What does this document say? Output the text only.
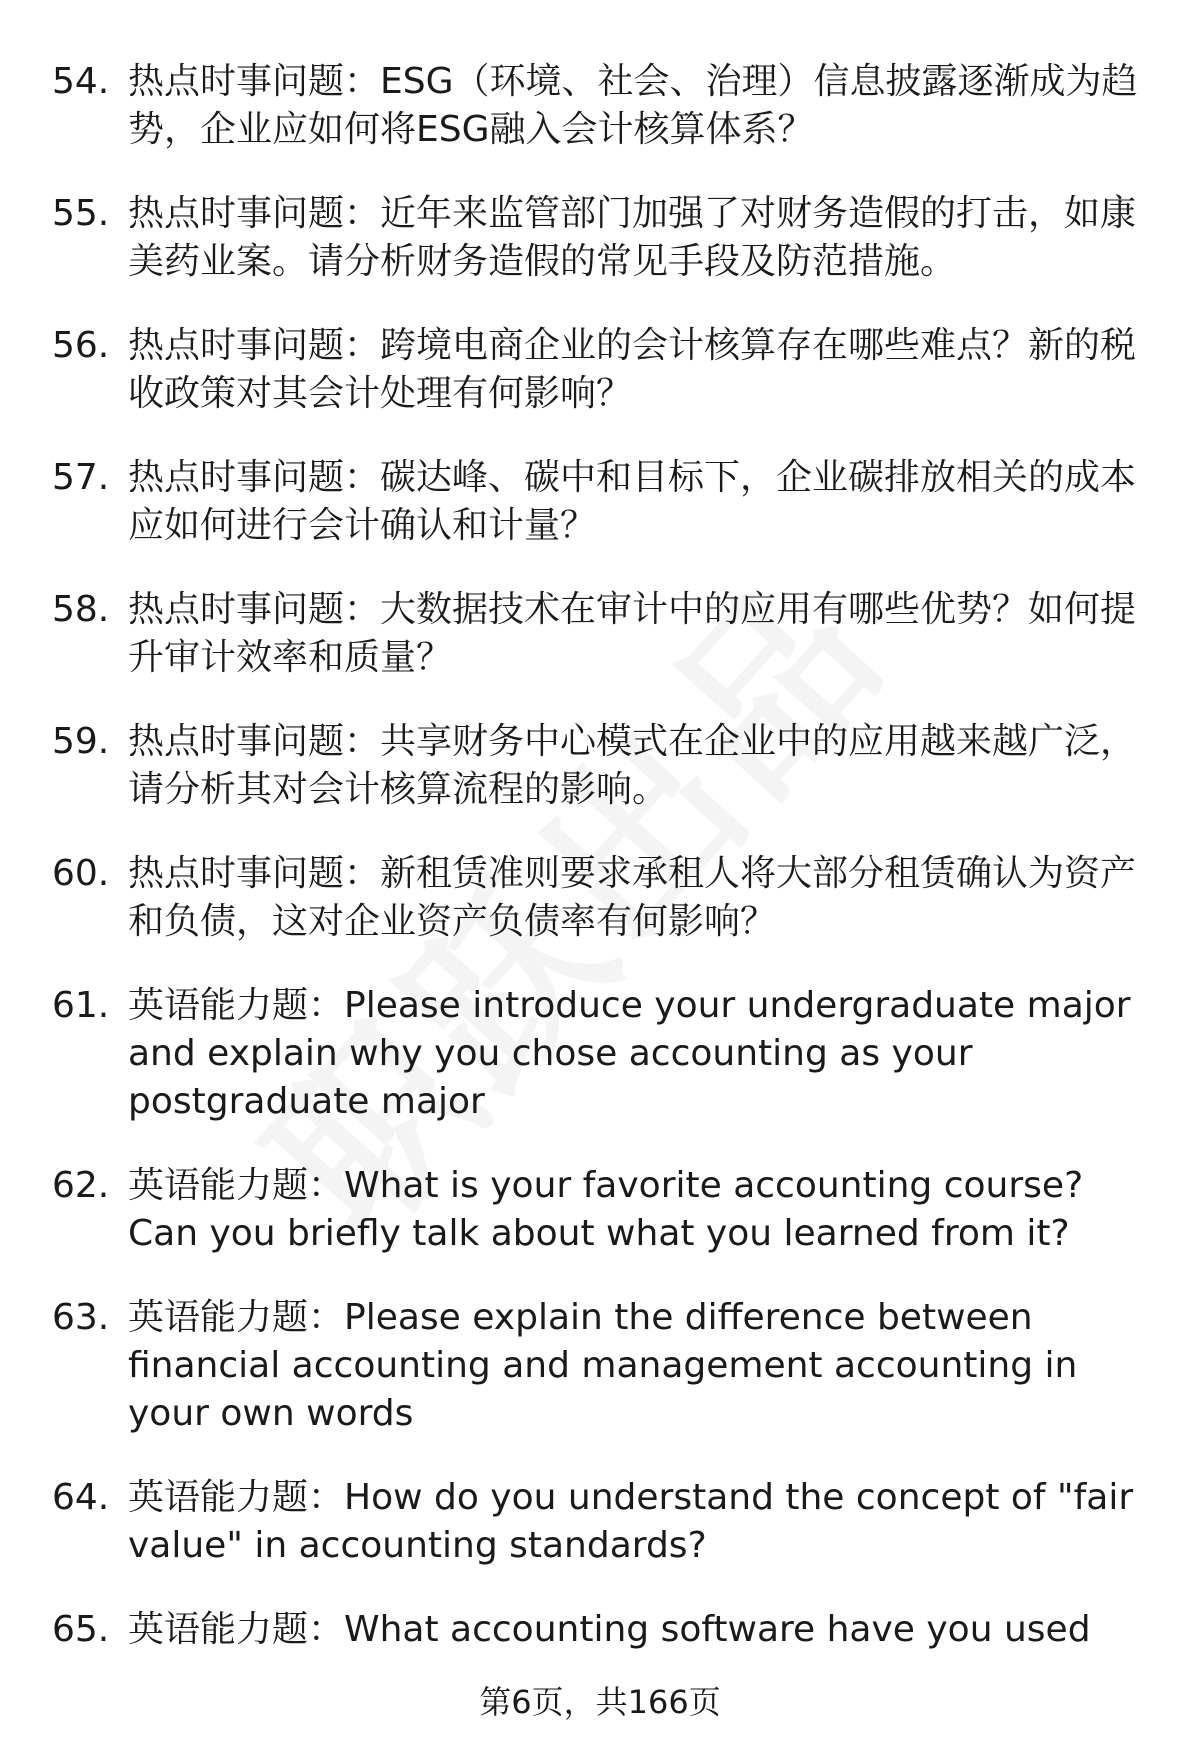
54. 热点时事问题：ESG（环境、社会、治理）信息披露逐渐成为趋势，企业应如何将ESG融入会计核算体系？
55. 热点时事问题：近年来监管部门加强了对财务造假的打击，如康美药业案。请分析财务造假的常见手段及防范措施。
56. 热点时事问题：跨境电商企业的会计核算存在哪些难点？新的税收政策对其会计处理有何影响？
57. 热点时事问题：碳达峰、碳中和目标下，企业碳排放相关的成本应如何进行会计确认和计量？
58. 热点时事问题：大数据技术在审计中的应用有哪些优势？如何提升审计效率和质量？
59. 热点时事问题：共享财务中心模式在企业中的应用越来越广泛，请分析其对会计核算流程的影响。
60. 热点时事问题：新租赁准则要求承租人将大部分租赁确认为资产和负债，这对企业资产负债率有何影响？
61. 英语能力题：Please introduce your undergraduate major and explain why you chose accounting as your postgraduate major
62. 英语能力题：What is your favorite accounting course? Can you briefly talk about what you learned from it?
63. 英语能力题：Please explain the difference between financial accounting and management accounting in your own words
64. 英语能力题：How do you understand the concept of "fair value" in accounting standards?
65. 英语能力题：What accounting software have you used
第6页，共166页
